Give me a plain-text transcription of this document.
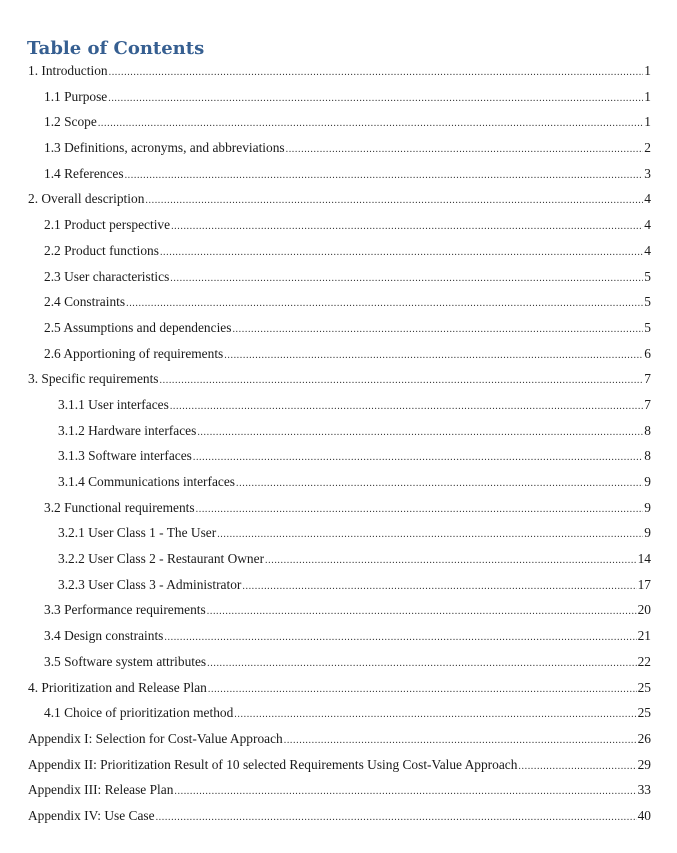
Table of Contents
1. Introduction .....	1
1.1 Purpose .....	1
1.2 Scope .....	1
1.3 Definitions, acronyms, and abbreviations .....	2
1.4 References .....	3
2. Overall description .....	4
2.1 Product perspective .....	4
2.2 Product functions .....	4
2.3 User characteristics .....	5
2.4 Constraints .....	5
2.5 Assumptions and dependencies .....	5
2.6 Apportioning of requirements .....	6
3. Specific requirements .....	7
3.1.1 User interfaces .....	7
3.1.2 Hardware interfaces .....	8
3.1.3 Software interfaces .....	8
3.1.4 Communications interfaces .....	9
3.2 Functional requirements .....	9
3.2.1 User Class 1 - The User .....	9
3.2.2 User Class 2 - Restaurant Owner .....	14
3.2.3 User Class 3 - Administrator .....	17
3.3 Performance requirements .....	20
3.4 Design constraints .....	21
3.5 Software system attributes .....	22
4. Prioritization and Release Plan .....	25
4.1 Choice of prioritization method .....	25
Appendix I: Selection for Cost-Value Approach .....	26
Appendix II: Prioritization Result of 10 selected Requirements Using Cost-Value Approach .....	29
Appendix III: Release Plan .....	33
Appendix IV: Use Case .....	40
